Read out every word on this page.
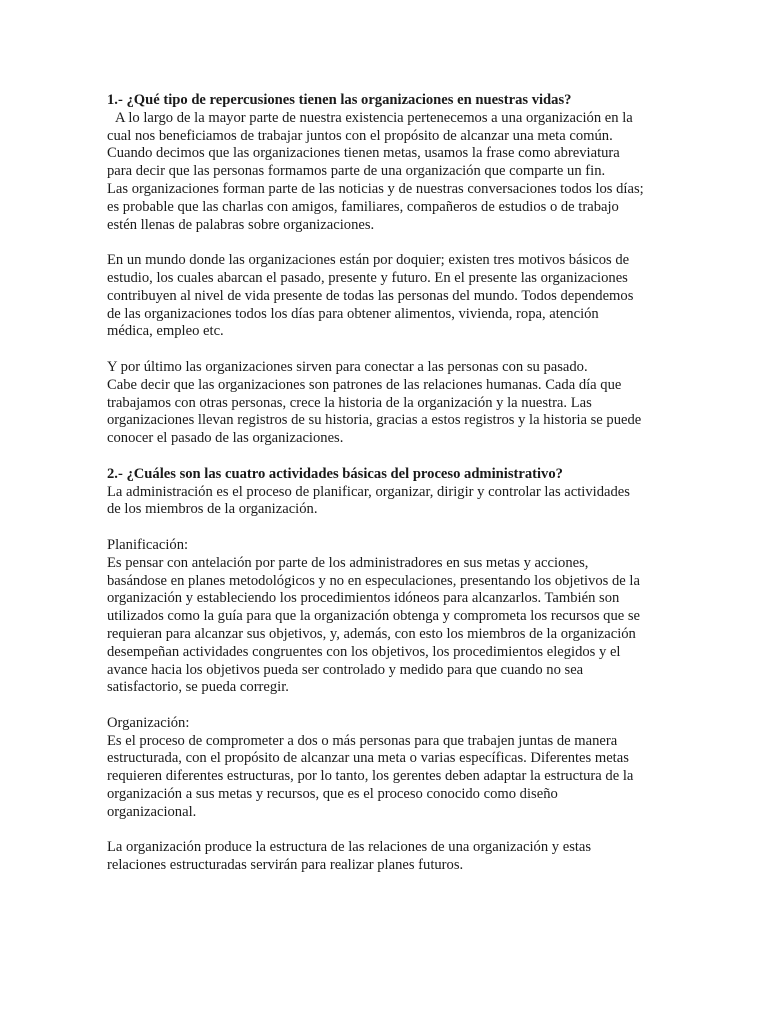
1.- ¿Qué tipo de repercusiones tienen las organizaciones en nuestras vidas?
A lo largo de la mayor parte de nuestra existencia pertenecemos a una organización en la
cual nos beneficiamos de trabajar juntos con el propósito de alcanzar una meta común.
Cuando decimos que las organizaciones tienen metas, usamos la frase como abreviatura
para decir que las personas formamos parte de una organización que comparte un fin.
Las organizaciones forman parte de las noticias y de nuestras conversaciones todos los días;
es probable que las charlas con amigos, familiares, compañeros de estudios o de trabajo
estén llenas de palabras sobre organizaciones.
En un mundo donde las organizaciones están por doquier; existen tres motivos básicos de
estudio, los cuales abarcan el pasado, presente y futuro. En el presente las organizaciones
contribuyen al nivel de vida presente de todas las personas del mundo. Todos dependemos
de las organizaciones todos los días para obtener alimentos, vivienda, ropa, atención
médica, empleo etc.
Y por último las organizaciones sirven para conectar a las personas con su pasado.
Cabe decir que las organizaciones son patrones de las relaciones humanas. Cada día que
trabajamos con otras personas, crece la historia de la organización y la nuestra. Las
organizaciones llevan registros de su historia, gracias a estos registros y la historia se puede
conocer el pasado de las organizaciones.
2.- ¿Cuáles son las cuatro actividades básicas del proceso administrativo?
La administración es el proceso de planificar, organizar, dirigir y controlar las actividades
de los miembros de la organización.
Planificación:
Es pensar con antelación por parte de los administradores en sus metas y acciones,
basándose en planes metodológicos y no en especulaciones, presentando los objetivos de la
organización y estableciendo los procedimientos idóneos para alcanzarlos. También son
utilizados como la guía para que la organización obtenga y comprometa los recursos que se
requieran para alcanzar sus objetivos, y, además, con esto los miembros de la organización
desempeñan actividades congruentes con los objetivos, los procedimientos elegidos y el
avance hacia los objetivos pueda ser controlado y medido para que cuando no sea
satisfactorio, se pueda corregir.
Organización:
Es el proceso de comprometer a dos o más personas para que trabajen juntas de manera
estructurada, con el propósito de alcanzar una meta o varias específicas. Diferentes metas
requieren diferentes estructuras, por lo tanto, los gerentes deben adaptar la estructura de la
organización a sus metas y recursos, que es el proceso conocido como diseño
organizacional.
La organización produce la estructura de las relaciones de una organización y estas
relaciones estructuradas servirán para realizar planes futuros.
